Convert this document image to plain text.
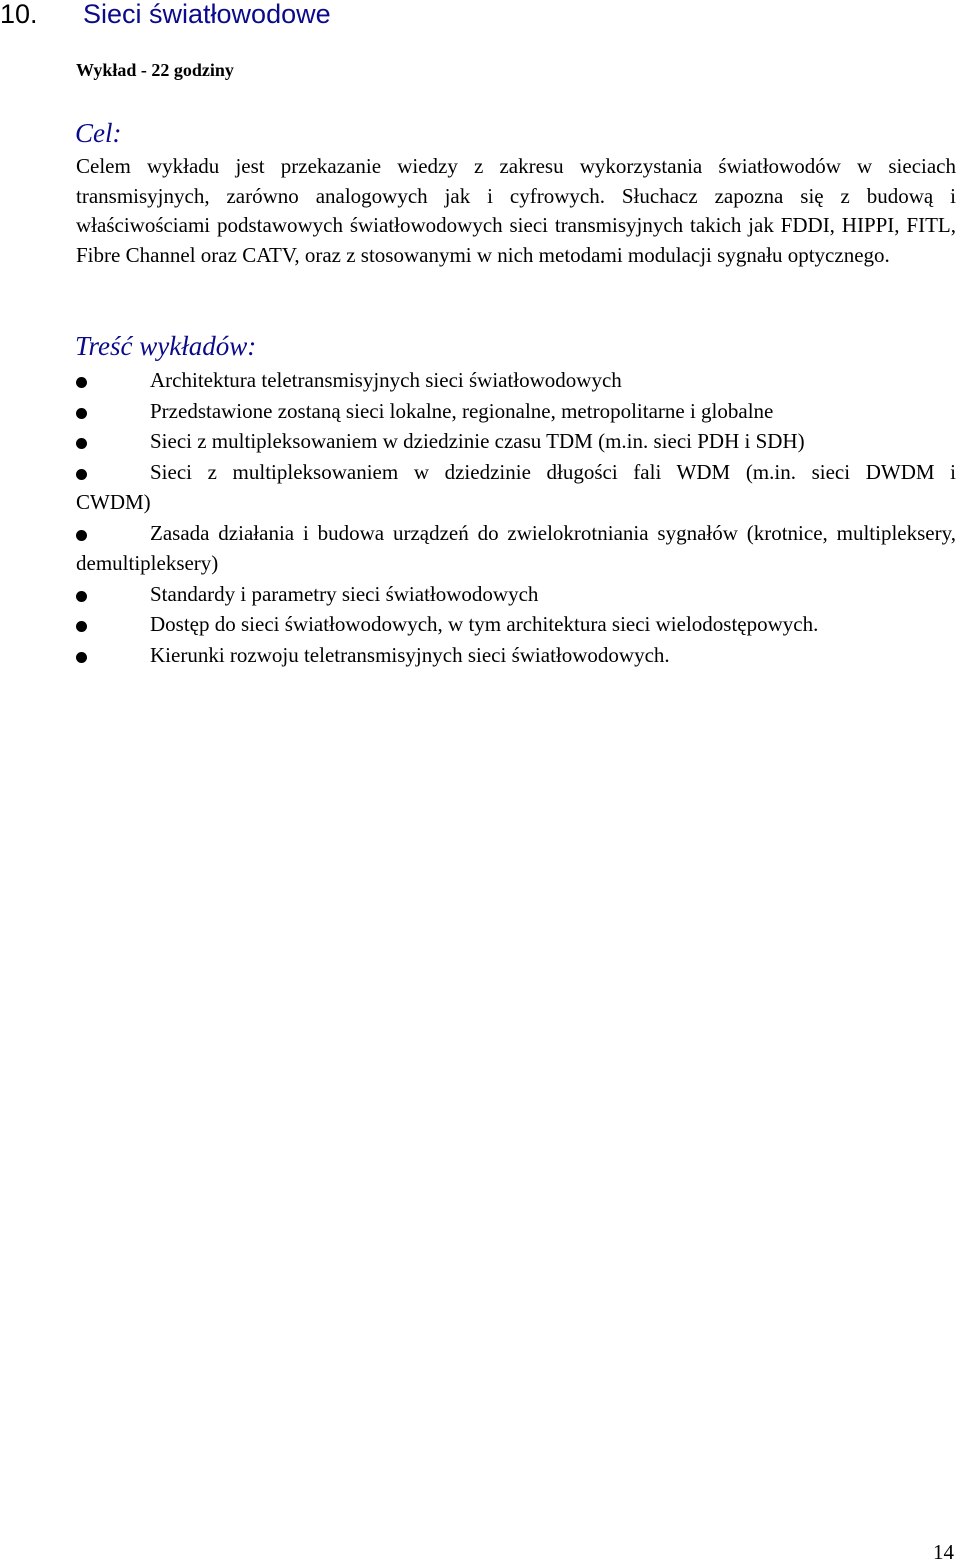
10. Sieci światłowodowe
Wykład - 22 godziny
Cel:

Celem wykładu jest przekazanie wiedzy z zakresu wykorzystania światłowodów w sieciach transmisyjnych, zarówno analogowych jak i cyfrowych. Słuchacz zapozna się z budową i właściwościami podstawowych światłowodowych sieci transmisyjnych takich jak FDDI, HIPPI, FITL, Fibre Channel oraz CATV, oraz z stosowanymi w nich metodami modulacji sygnału optycznego.

Treść wykładów:
Architektura teletransmisyjnych sieci światłowodowych
Przedstawione zostaną sieci lokalne, regionalne, metropolitarne i globalne
Sieci z multipleksowaniem w dziedzinie czasu TDM (m.in. sieci PDH i SDH)
Sieci z multipleksowaniem w dziedzinie długości fali WDM (m.in. sieci DWDM i CWDM)
Zasada działania i budowa urządzeń do zwielokrotniania sygnałów (krotnice, multipleksery, demultipleksery)
Standardy i parametry sieci światłowodowych
Dostęp do sieci światłowodowych, w tym architektura sieci wielodostępowych.
Kierunki rozwoju teletransmisyjnych sieci światłowodowych.
14
